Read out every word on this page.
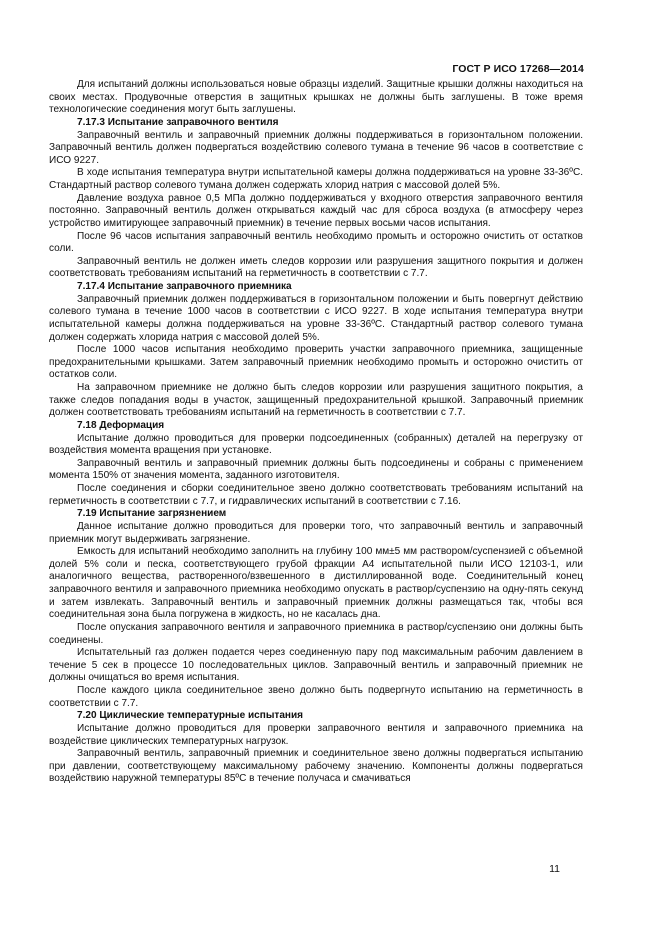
ГОСТ Р ИСО 17268—2014

Для испытаний должны использоваться новые образцы изделий. Защитные крышки должны находиться на своих местах. Продувочные отверстия в защитных крышках не должны быть заглушены. В тоже время технологические соединения могут быть заглушены.

7.17.3 Испытание заправочного вентиля

Заправочный вентиль и заправочный приемник должны поддерживаться в горизонтальном положении. Заправочный вентиль должен подвергаться воздействию солевого тумана в течение 96 часов в соответствие с ИСО 9227.

В ходе испытания температура внутри испытательной камеры должна поддерживаться на уровне 33-36ºС. Стандартный раствор солевого тумана должен содержать хлорид натрия с массовой долей 5%.

Давление воздуха равное 0,5 МПа должно поддерживаться у входного отверстия заправочного вентиля постоянно. Заправочный вентиль должен открываться каждый час для сброса воздуха (в атмосферу через устройство имитирующее заправочный приемник) в течение первых восьми часов испытания.

После 96 часов испытания заправочный вентиль необходимо промыть и осторожно очистить от остатков соли.

Заправочный вентиль не должен иметь следов коррозии или разрушения защитного покрытия и должен соответствовать требованиям испытаний на герметичность в соответствии с 7.7.

7.17.4 Испытание заправочного приемника

Заправочный приемник должен поддерживаться в горизонтальном положении и быть повергнут действию солевого тумана в течение 1000 часов в соответствии с ИСО 9227. В ходе испытания температура внутри испытательной камеры должна поддерживаться на уровне 33-36ºС. Стандартный раствор солевого тумана должен содержать хлорида натрия с массовой долей 5%.

После 1000 часов испытания необходимо проверить участки заправочного приемника, защищенные предохранительными крышками. Затем заправочный приемник необходимо промыть и осторожно очистить от остатков соли.

На заправочном приемнике не должно быть следов коррозии или разрушения защитного покрытия, а также следов попадания воды в участок, защищенный предохранительной крышкой. Заправочный приемник должен соответствовать требованиям испытаний на герметичность в соответствии с 7.7.

7.18 Деформация

Испытание должно проводиться для проверки подсоединенных (собранных) деталей на перегрузку от воздействия момента вращения при установке.

Заправочный вентиль и заправочный приемник должны быть подсоединены и собраны с применением момента 150% от значения момента, заданного изготовителя.

После соединения и сборки соединительное звено должно соответствовать требованиям испытаний на герметичность в соответствии с 7.7, и гидравлических испытаний в соответствии с 7.16.

7.19 Испытание загрязнением

Данное испытание должно проводиться для проверки того, что заправочный вентиль и заправочный приемник могут выдерживать загрязнение.

Емкость для испытаний необходимо заполнить на глубину 100 мм±5 мм раствором/суспензией с объемной долей 5% соли и песка, соответствующего грубой фракции А4 испытательной пыли ИСО 12103-1, или аналогичного вещества, растворенного/взвешенного в дистиллированной воде. Соединительный конец заправочного вентиля и заправочного приемника необходимо опускать в раствор/суспензию на одну-пять секунд и затем извлекать. Заправочный вентиль и заправочный приемник должны размещаться так, чтобы вся соединительная зона была погружена в жидкость, но не касалась дна.

После опускания заправочного вентиля и заправочного приемника в раствор/суспензию они должны быть соединены.

Испытательный газ должен подается через соединенную пару под максимальным рабочим давлением в течение 5 сек в процессе 10 последовательных циклов. Заправочный вентиль и заправочный приемник не должны очищаться во время испытания.

После каждого цикла соединительное звено должно быть подвергнуто испытанию на герметичность в соответствии с 7.7.

7.20 Циклические температурные испытания

Испытание должно проводиться для проверки заправочного вентиля и заправочного приемника на воздействие циклических температурных нагрузок.

Заправочный вентиль, заправочный приемник и соединительное звено должны подвергаться испытанию при давлении, соответствующему максимальному рабочему значению. Компоненты должны подвергаться воздействию наружной температуры 85ºС в течение получаса и смачиваться

11
